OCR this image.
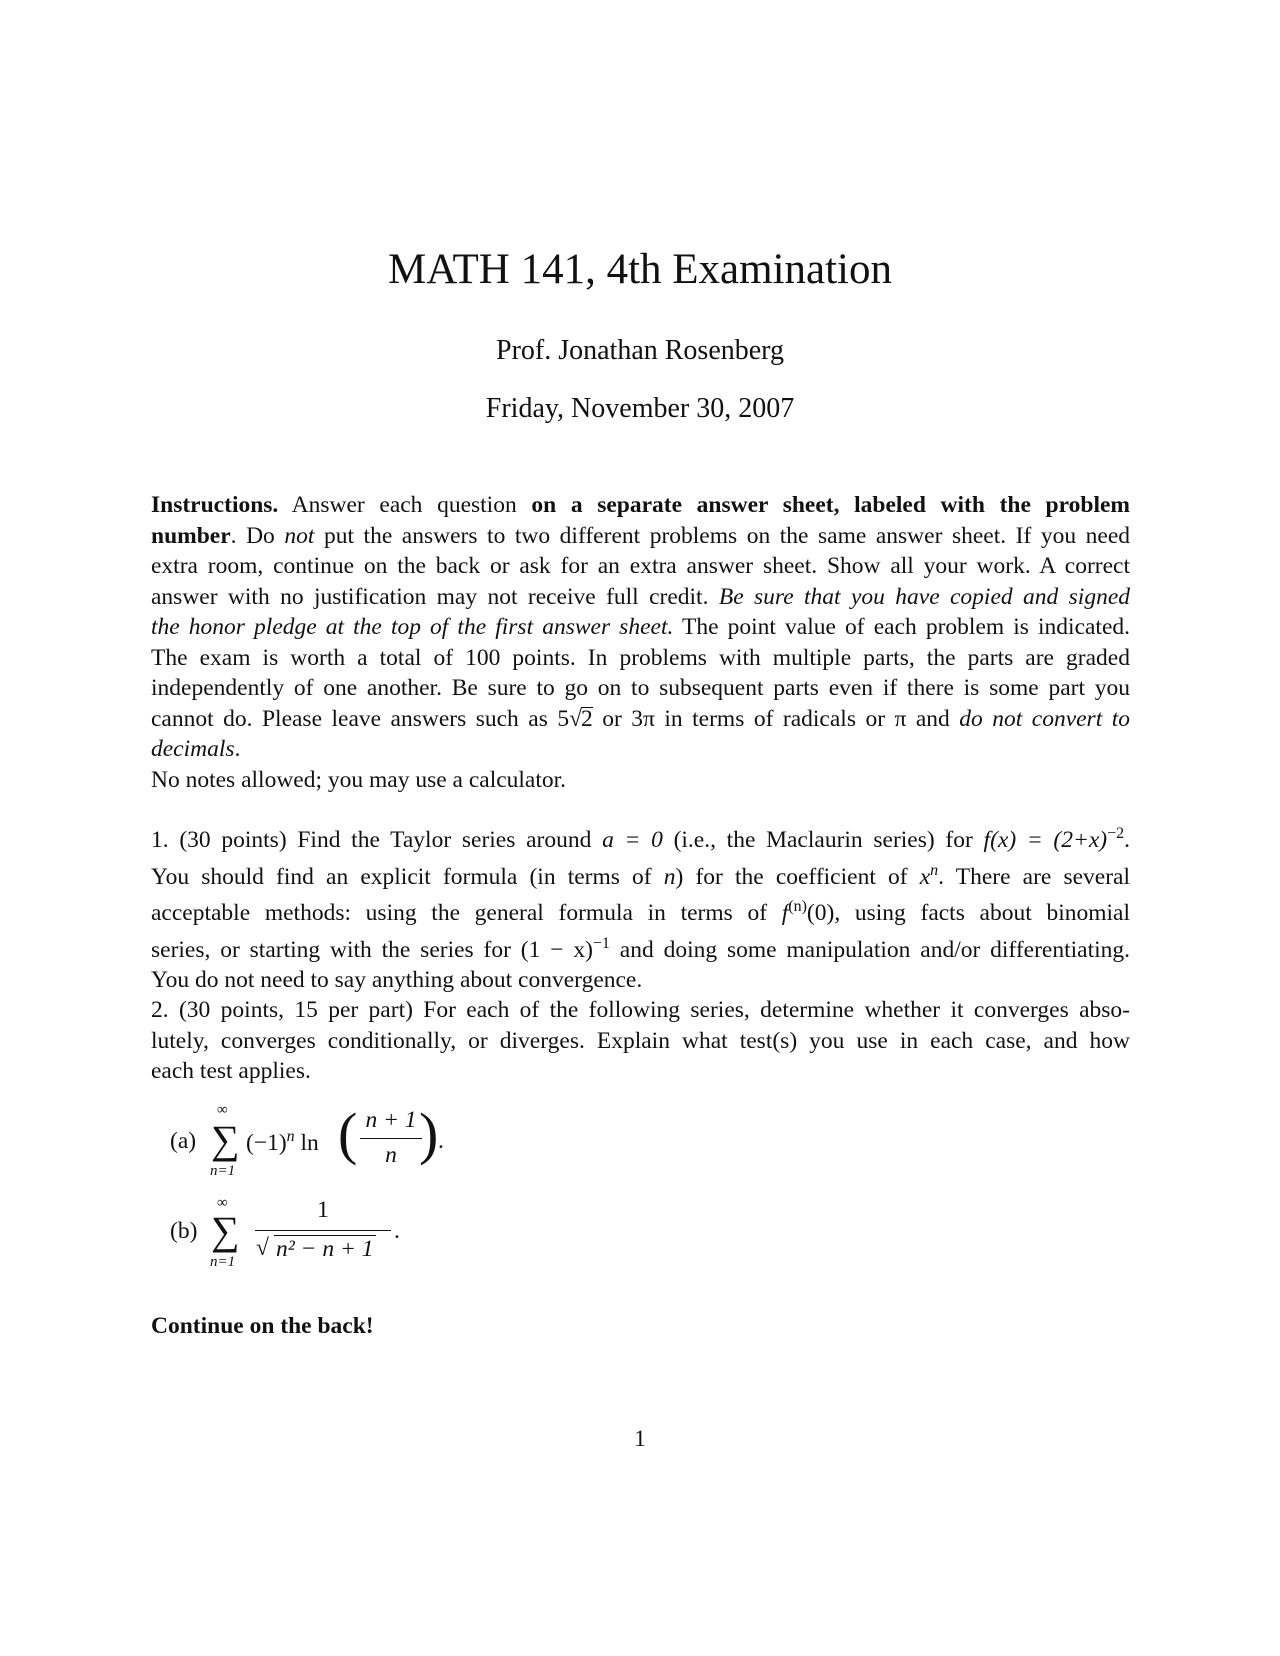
MATH 141, 4th Examination
Prof. Jonathan Rosenberg
Friday, November 30, 2007
Instructions. Answer each question on a separate answer sheet, labeled with the problem
number. Do not put the answers to two different problems on the same answer sheet. If you need
extra room, continue on the back or ask for an extra answer sheet. Show all your work. A correct
answer with no justification may not receive full credit. Be sure that you have copied and signed
the honor pledge at the top of the first answer sheet. The point value of each problem is indicated.
The exam is worth a total of 100 points. In problems with multiple parts, the parts are graded
independently of one another. Be sure to go on to subsequent parts even if there is some part you
cannot do. Please leave answers such as 5√2 or 3π in terms of radicals or π and do not convert to
decimals.
No notes allowed; you may use a calculator.
1. (30 points) Find the Taylor series around a = 0 (i.e., the Maclaurin series) for $f(x) = (2+x)^{-2}$.
You should find an explicit formula (in terms of n) for the coefficient of $x^n$. There are several
acceptable methods: using the general formula in terms of $f^{(n)}(0)$, using facts about binomial
series, or starting with the series for $(1 - x)^{-1}$ and doing some manipulation and/or differentiating.
You do not need to say anything about convergence.
2. (30 points, 15 per part) For each of the following series, determine whether it converges abso-
lutely, converges conditionally, or diverges. Explain what test(s) you use in each case, and how
each test applies.
(a)
∞
∑
n=1
$(-1)^n$ ln ( n + 1
n ) .
(b)
∞
∑
n=1
1
√ n² − n + 1
.
Continue on the back!
1
